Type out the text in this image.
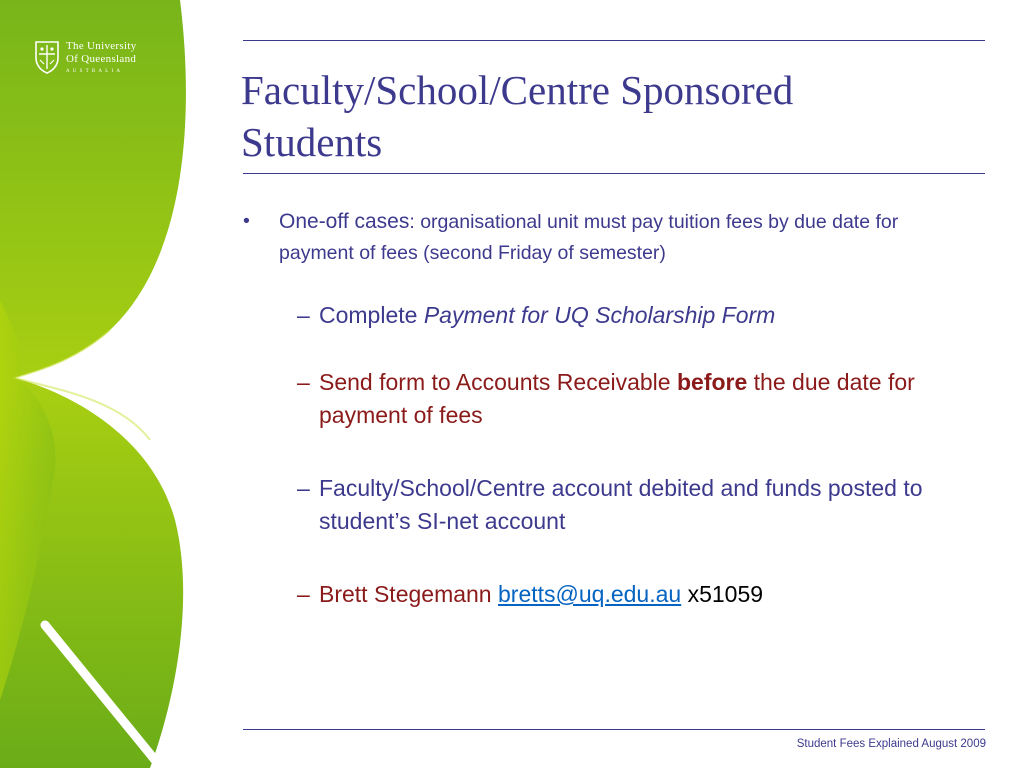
The University
Of Queensland
AUSTRALIA	Faculty/School/Centre Sponsored
Students

• One-off cases: organisational unit must pay tuition fees by due date for payment of fees (second Friday of semester)

– Complete Payment for UQ Scholarship Form

– Send form to Accounts Receivable before the due date for payment of fees

– Faculty/School/Centre account debited and funds posted to student’s SI-net account

– Brett Stegemann bretts@uq.edu.au x51059

Student Fees Explained August 2009
